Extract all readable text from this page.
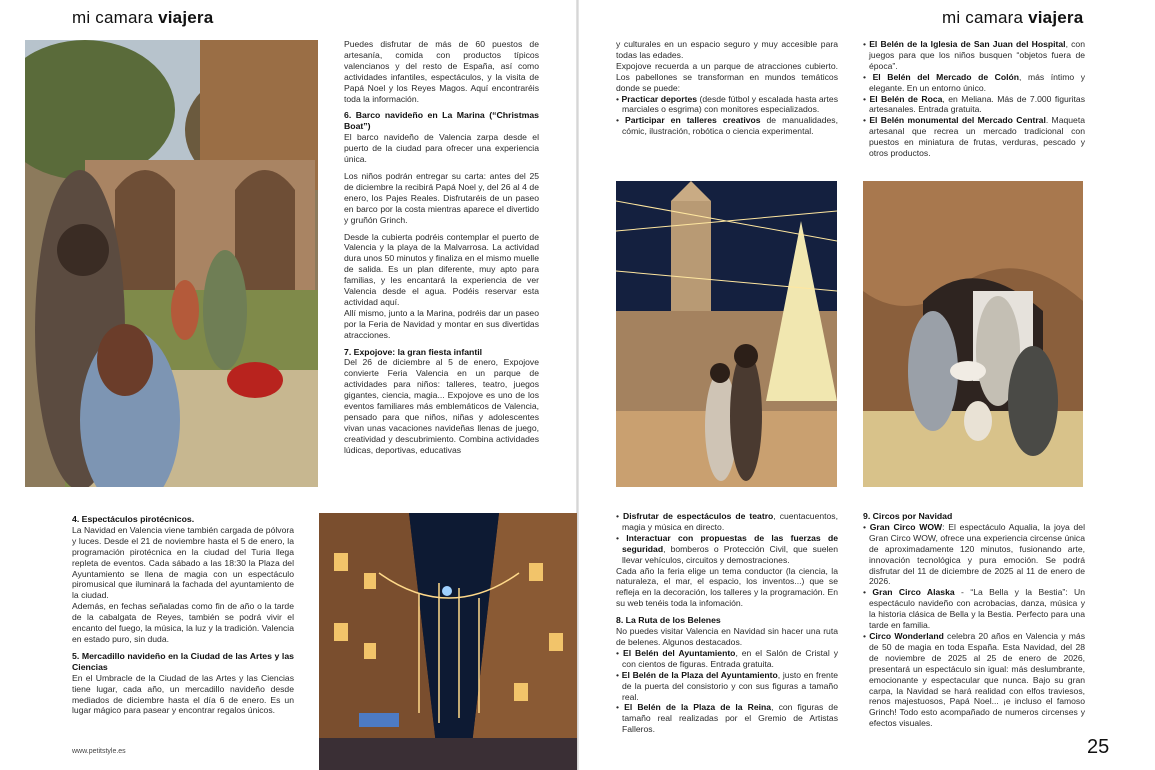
mi camara viajera

Puedes disfrutar de más de 60 puestos de artesanía, comida con productos típicos valencianos y del resto de España, así como actividades infantiles, espectáculos, y la visita de Papá Noel y los Reyes Magos. Aquí encontraréis toda la información.

6. Barco navideño en La Marina (“Christmas Boat”)

El barco navideño de Valencia zarpa desde el puerto de la ciudad para ofrecer una experiencia única.

Los niños podrán entregar su carta: antes del 25 de diciembre la recibirá Papá Noel y, del 26 al 4 de enero, los Pajes Reales. Disfrutaréis de un paseo en barco por la costa mientras aparece el divertido y gruñón Grinch.

Desde la cubierta podréis contemplar el puerto de Valencia y la playa de la Malvarrosa. La actividad dura unos 50 minutos y finaliza en el mismo muelle de salida. Es un plan diferente, muy apto para familias, y les encantará la experiencia de ver Valencia desde el agua. Podéis reservar esta actividad aquí.

Allí mismo, junto a la Marina, podréis dar un paseo por la Feria de Navidad y montar en sus divertidas atracciones.

7. Expojove: la gran fiesta infantil

Del 26 de diciembre al 5 de enero, Expojove convierte Feria Valencia en un parque de actividades para niños: talleres, teatro, juegos gigantes, ciencia, magia... Expojove es uno de los eventos familiares más emblemáticos de Valencia, pensado para que niños, niñas y adolescentes vivan unas vacaciones navideñas llenas de juego, creatividad y descubrimiento. Combina actividades lúdicas, deportivas, educativas

4. Espectáculos pirotécnicos.

La Navidad en Valencia viene también cargada de pólvora y luces. Desde el 21 de noviembre hasta el 5 de enero, la programación pirotécnica en la ciudad del Turia llega repleta de eventos. Cada sábado a las 18:30 la Plaza del Ayuntamiento se llena de magia con un espectáculo piromusical que iluminará la fachada del ayuntamiento de la ciudad.

Además, en fechas señaladas como fin de año o la tarde de la cabalgata de Reyes, también se podrá vivir el encanto del fuego, la música, la luz y la tradición. Valencia en estado puro, sin duda.

5. Mercadillo navideño en la Ciudad de las Artes y las Ciencias

En el Umbracle de la Ciudad de las Artes y las Ciencias tiene lugar, cada año, un mercadillo navideño desde mediados de diciembre hasta el día 6 de enero. Es un lugar mágico para pasear y encontrar regalos únicos.

www.petitstyle.es
mi camara viajera

y culturales en un espacio seguro y muy accesible para todas las edades.

Expojove recuerda a un parque de atracciones cubierto. Los pabellones se transforman en mundos temáticos donde se puede:

• Practicar deportes (desde fútbol y escalada hasta artes marciales o esgrima) con monitores especializados.
• Participar en talleres creativos de manualidades, cómic, ilustración, robótica o ciencia experimental.
• El Belén de la Iglesia de San Juan del Hospital, con juegos para que los niños busquen “objetos fuera de época”.
• El Belén del Mercado de Colón, más íntimo y elegante. En un entorno único.
• El Belén de Roca, en Meliana. Más de 7.000 figuritas artesanales. Entrada gratuita.
• El Belén monumental del Mercado Central. Maqueta artesanal que recrea un mercado tradicional con puestos en miniatura de frutas, verduras, pescado y otros productos.
• Disfrutar de espectáculos de teatro, cuentacuentos, magia y música en directo.
• Interactuar con propuestas de las fuerzas de seguridad, bomberos o Protección Civil, que suelen llevar vehículos, circuitos y demostraciones.

Cada año la feria elige un tema conductor (la ciencia, la naturaleza, el mar, el espacio, los inventos...) que se refleja en la decoración, los talleres y la programación. En su web tenéis toda la infomación.

8. La Ruta de los Belenes

No puedes visitar Valencia en Navidad sin hacer una ruta de belenes. Algunos destacados.

• El Belén del Ayuntamiento, en el Salón de Cristal y con cientos de figuras. Entrada gratuita.
• El Belén de la Plaza del Ayuntamiento, justo en frente de la puerta del consistorio y con sus figuras a tamaño real.
• El Belén de la Plaza de la Reina, con figuras de tamaño real realizadas por el Gremio de Artistas Falleros.
9. Circos por Navidad
• Gran Circo WOW: El espectáculo Aqualia, la joya del Gran Circo WOW, ofrece una experiencia circense única de aproximadamente 120 minutos, fusionando arte, innovación tecnológica y pura emoción. Se podrá disfrutar del 11 de diciembre de 2025 al 11 de enero de 2026.
• Gran Circo Alaska - “La Bella y la Bestia”: Un espectáculo navideño con acrobacias, danza, música y la historia clásica de Bella y la Bestia. Perfecto para una tarde en familia.
• Circo Wonderland celebra 20 años en Valencia y más de 50 de magia en toda España. Esta Navidad, del 28 de noviembre de 2025 al 25 de enero de 2026, presentará un espectáculo sin igual: más deslumbrante, emocionante y espectacular que nunca. Bajo su gran carpa, la Navidad se hará realidad con elfos traviesos, renos majestuosos, Papá Noel... ¡e incluso el famoso Grinch! Todo esto acompañado de numeros circenses y efectos visuales.
25
